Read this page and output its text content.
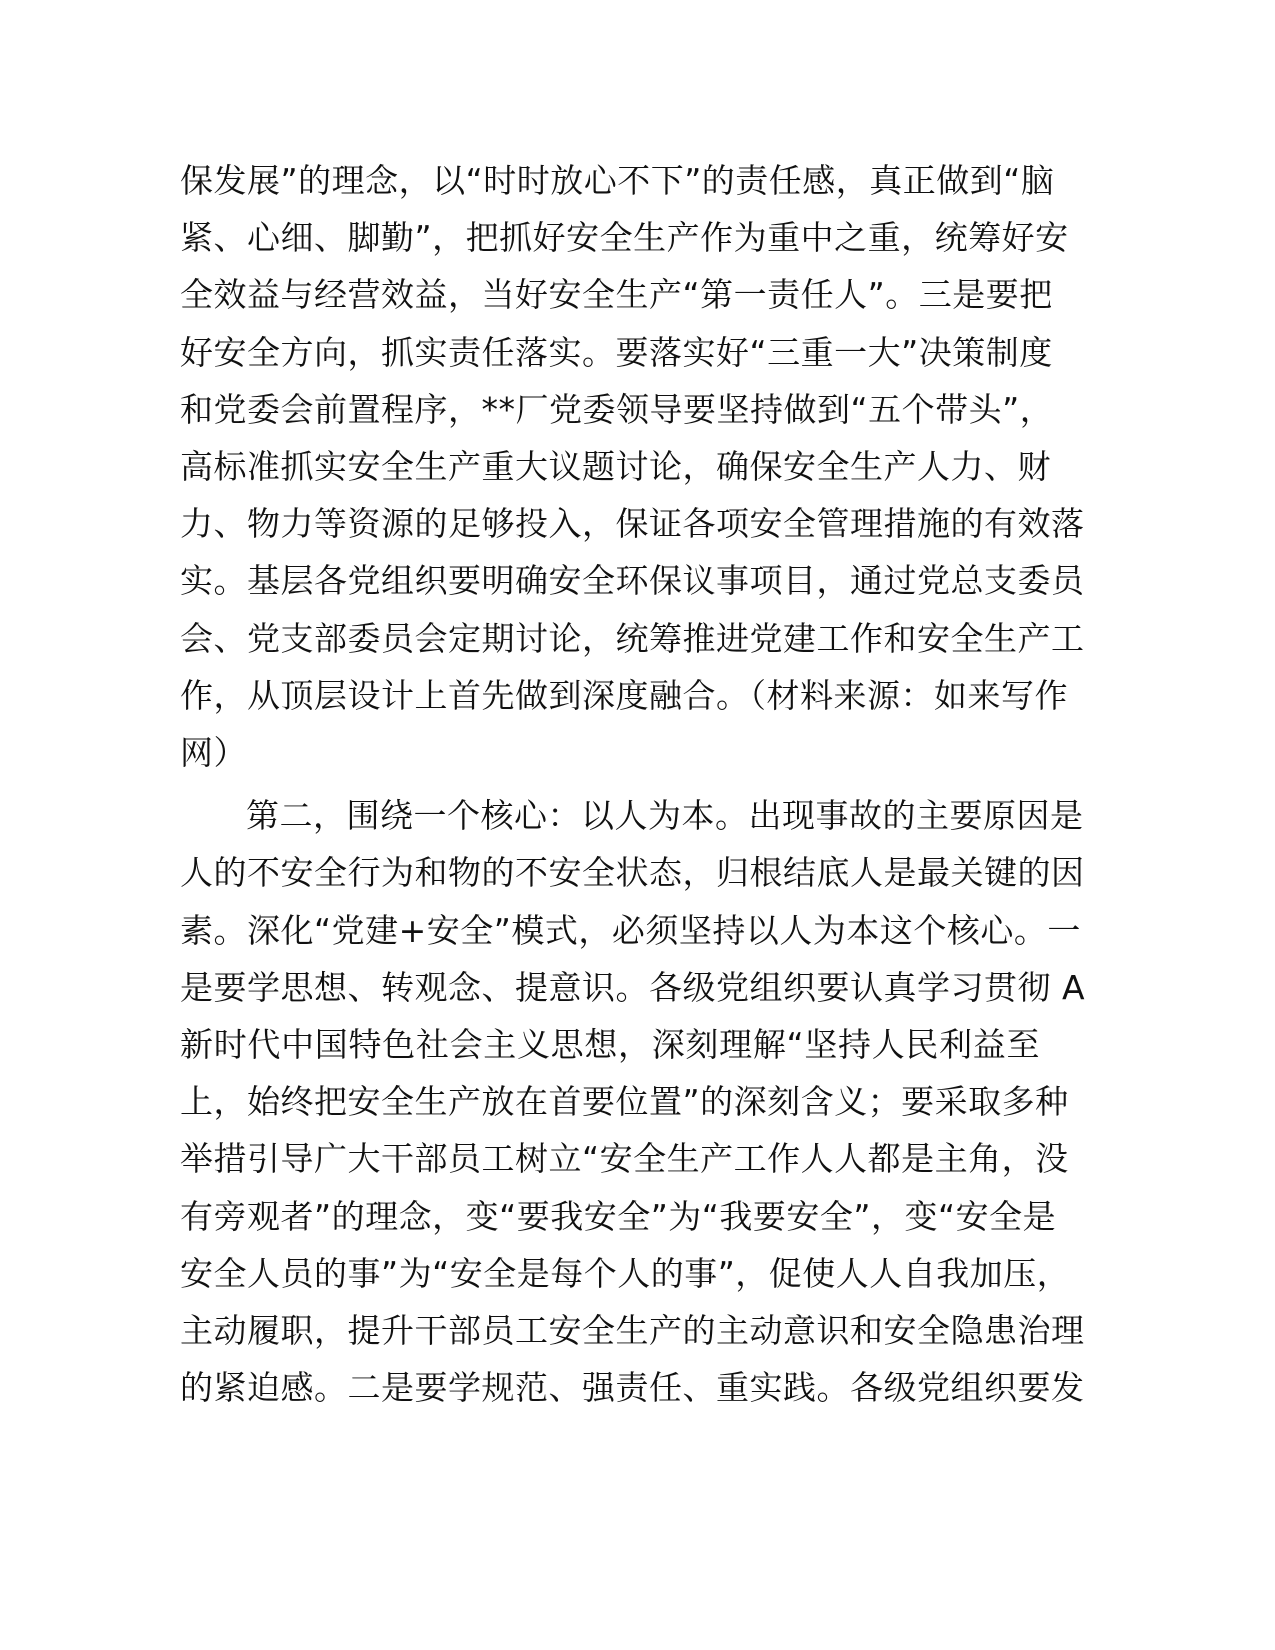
保发展”的理念，以“时时放心不下”的责任感，真正做到“脑
紧、心细、脚勤”，把抓好安全生产作为重中之重，统筹好安
全效益与经营效益，当好安全生产“第一责任人”。三是要把
好安全方向，抓实责任落实。要落实好“三重一大”决策制度
和党委会前置程序，**厂党委领导要坚持做到“五个带头”，
高标准抓实安全生产重大议题讨论，确保安全生产人力、财
力、物力等资源的足够投入，保证各项安全管理措施的有效落
实。基层各党组织要明确安全环保议事项目，通过党总支委员
会、党支部委员会定期讨论，统筹推进党建工作和安全生产工
作，从顶层设计上首先做到深度融合。（材料来源：如来写作
网）

第二，围绕一个核心：以人为本。出现事故的主要原因是
人的不安全行为和物的不安全状态，归根结底人是最关键的因
素。深化“党建+安全”模式，必须坚持以人为本这个核心。一
是要学思想、转观念、提意识。各级党组织要认真学习贯彻 A
新时代中国特色社会主义思想，深刻理解“坚持人民利益至
上，始终把安全生产放在首要位置”的深刻含义；要采取多种
举措引导广大干部员工树立“安全生产工作人人都是主角，没
有旁观者”的理念，变“要我安全”为“我要安全”，变“安全是
安全人员的事”为“安全是每个人的事”，促使人人自我加压，
主动履职，提升干部员工安全生产的主动意识和安全隐患治理
的紧迫感。二是要学规范、强责任、重实践。各级党组织要发
